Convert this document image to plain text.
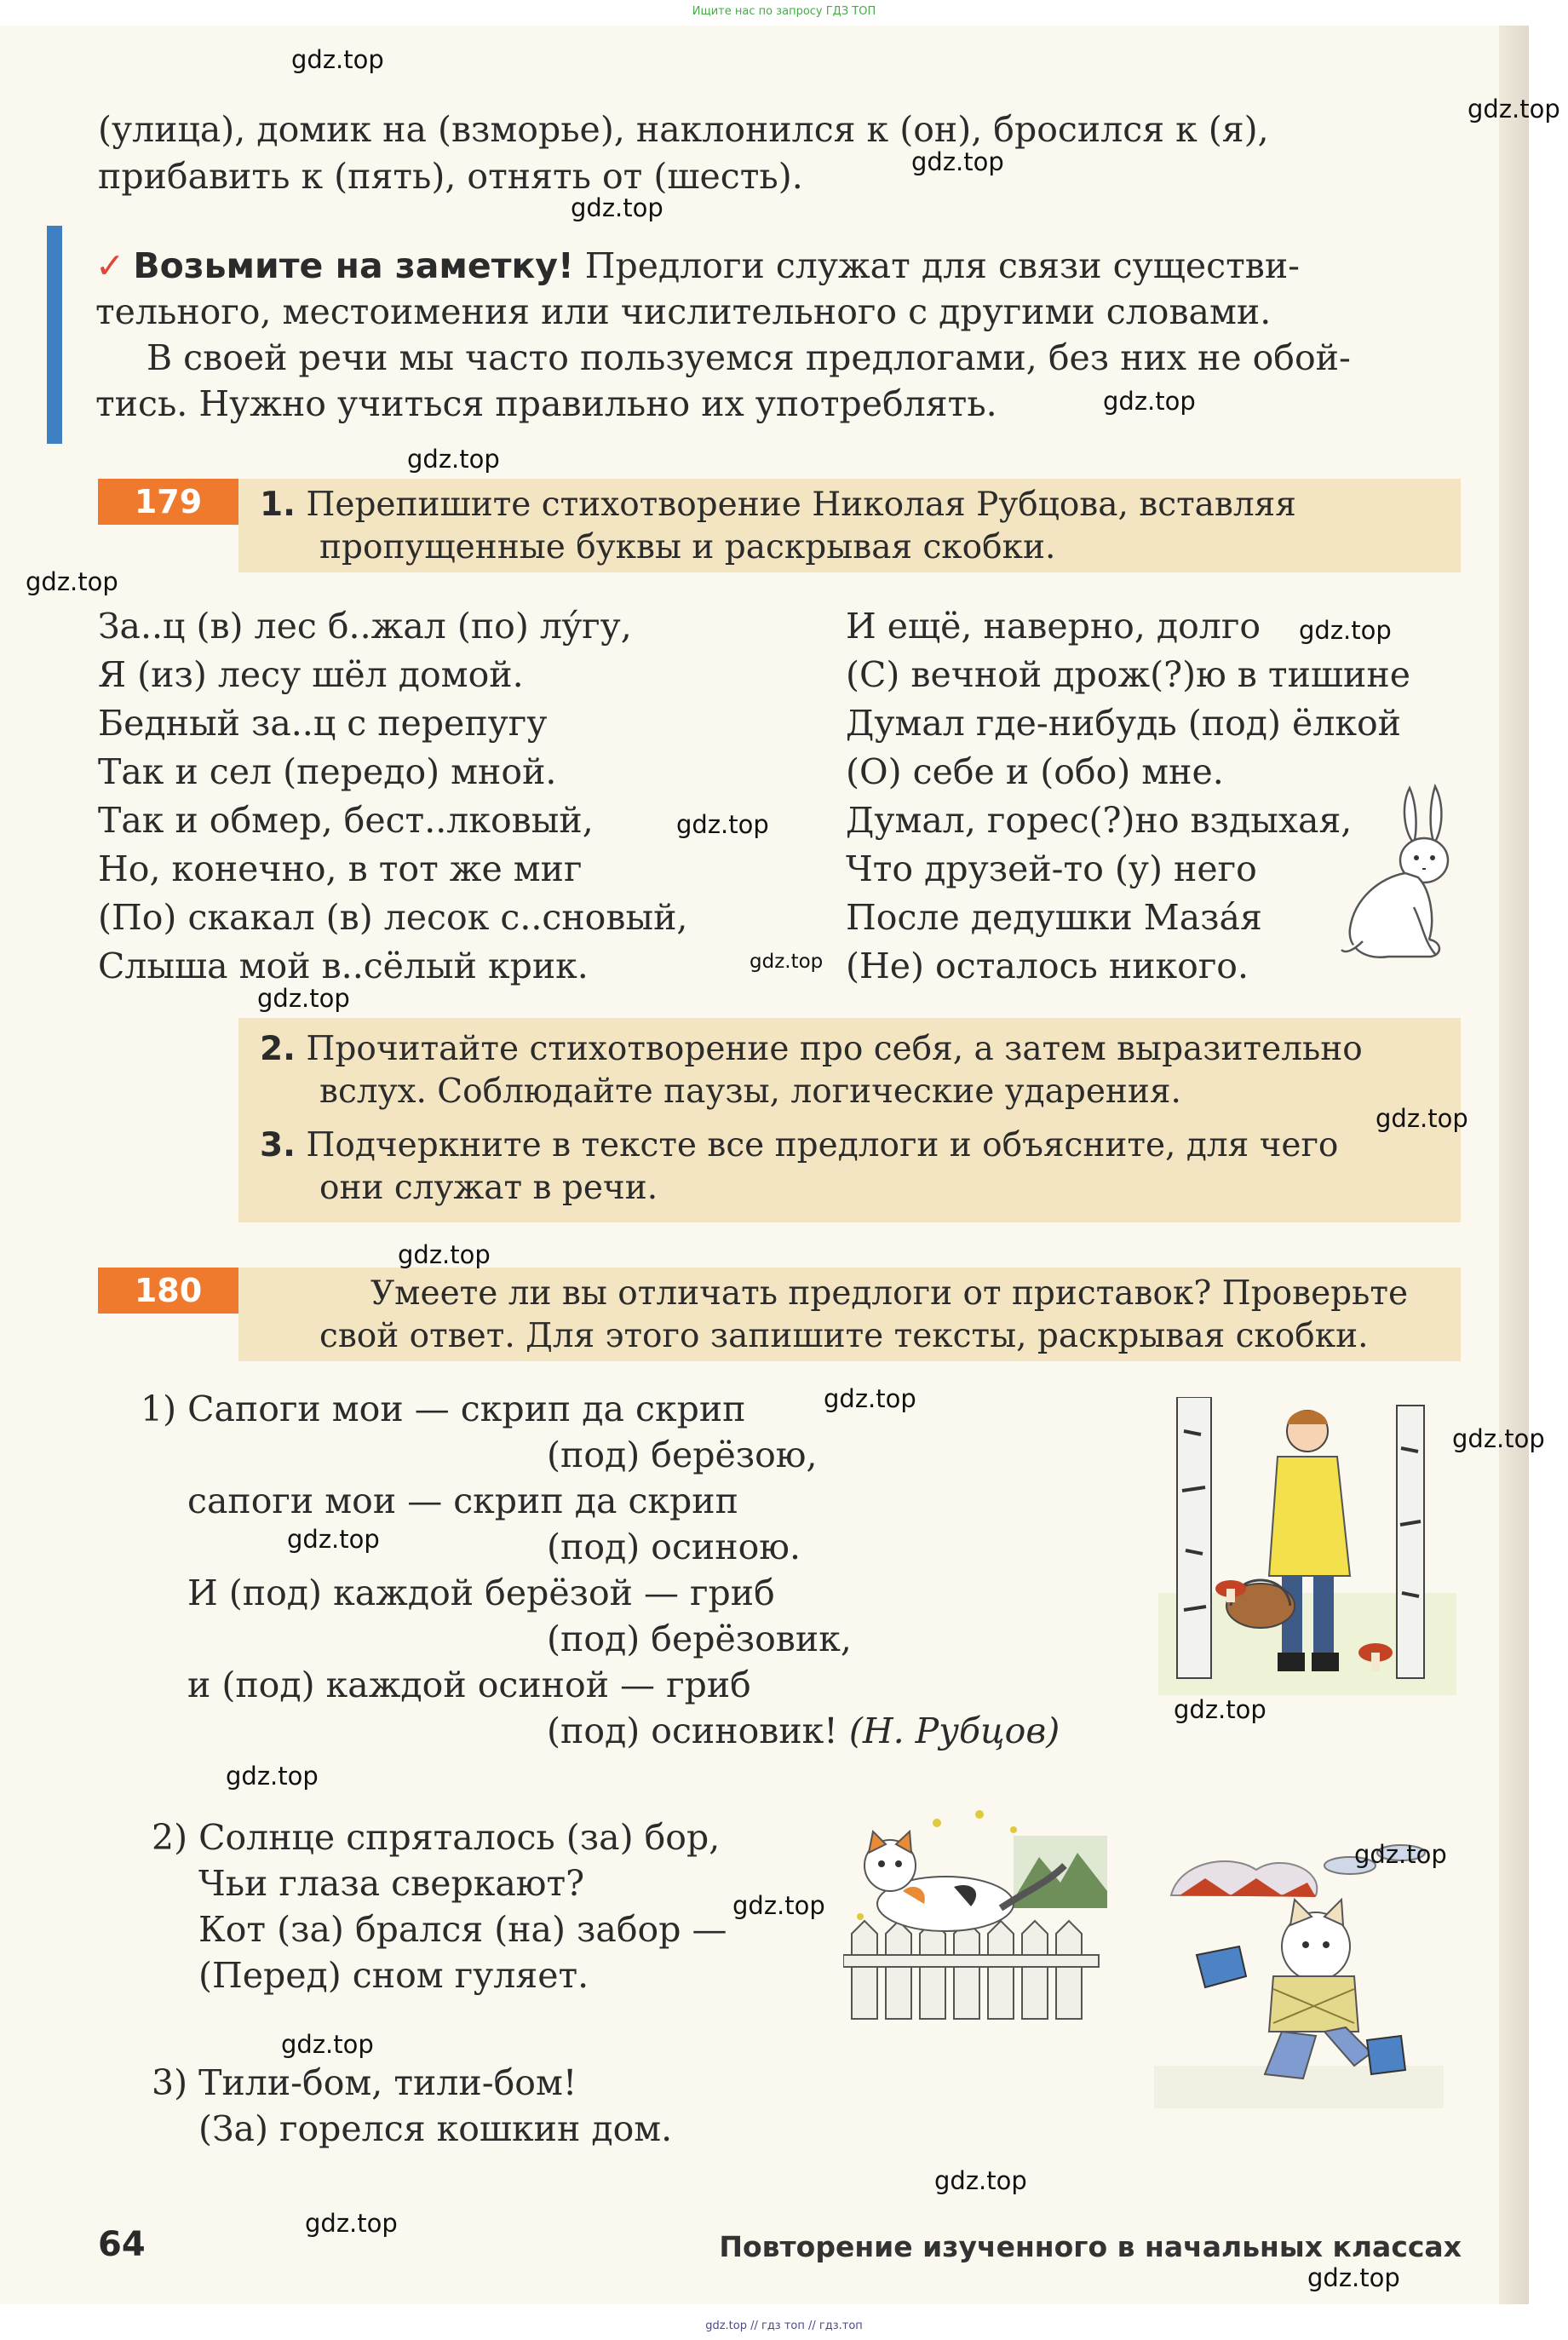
Ищите нас по запросу ГДЗ ТОП
(улица), домик на (взморье), наклонился к (он), бросился к (я),
прибавить к (пять), отнять от (шесть).
✓ Возьмите на заметку! Предлоги служат для связи существи-
тельного, местоимения или числительного с другими словами.
В своей речи мы часто пользуемся предлогами, без них не обой-
тись. Нужно учиться правильно их употреблять.
179	1. Перепишите стихотворение Николая Рубцова, вставляя
пропущенные буквы и раскрывая скобки.
За..ц (в) лес б..жал (по) лýгу,
Я (из) лесу шёл домой.
Бедный за..ц с перепугу
Так и сел (передо) мной.
Так и обмер, бест..лковый,
Но, конечно, в тот же миг
(По) скакал (в) лесок с..сновый,
Слыша мой в..сёлый крик.
И ещё, наверно, долго
(С) вечной дрож(?)ю в тишине
Думал где-нибудь (под) ёлкой
(О) себе и (обо) мне.
Думал, горес(?)но вздыхая,
Что друзей-то (у) него
После дедушки Мазáя
(Не) осталось никого.
2. Прочитайте стихотворение про себя, а затем выразительно
вслух. Соблюдайте паузы, логические ударения.
3. Подчеркните в тексте все предлоги и объясните, для чего
они служат в речи.
180	Умеете ли вы отличать предлоги от приставок? Проверьте
свой ответ. Для этого запишите тексты, раскрывая скобки.
1) Сапоги мои — скрип да скрип
(под) берёзою,
сапоги мои — скрип да скрип
(под) осиною.
И (под) каждой берёзой — гриб
(под) берёзовик,
и (под) каждой осиной — гриб
(под) осиновик! (Н. Рубцов)
2) Солнце спряталось (за) бор,
Чьи глаза сверкают?
Кот (за) брался (на) забор —
(Перед) сном гуляет.
3) Тили-бом, тили-бом!
(За) горелся кошкин дом.
64	Повторение изученного в начальных классах
gdz.top
gdz.top
gdz.top
gdz.top
gdz.top
gdz.top
gdz.top
gdz.top
gdz.top
gdz.top
gdz.top
gdz.top
gdz.top
gdz.top
gdz.top
gdz.top
gdz.top
gdz.top
gdz.top
gdz.top
gdz.top
gdz.top
gdz.top
gdz.top
gdz.top // гдз топ // гдз.топ
